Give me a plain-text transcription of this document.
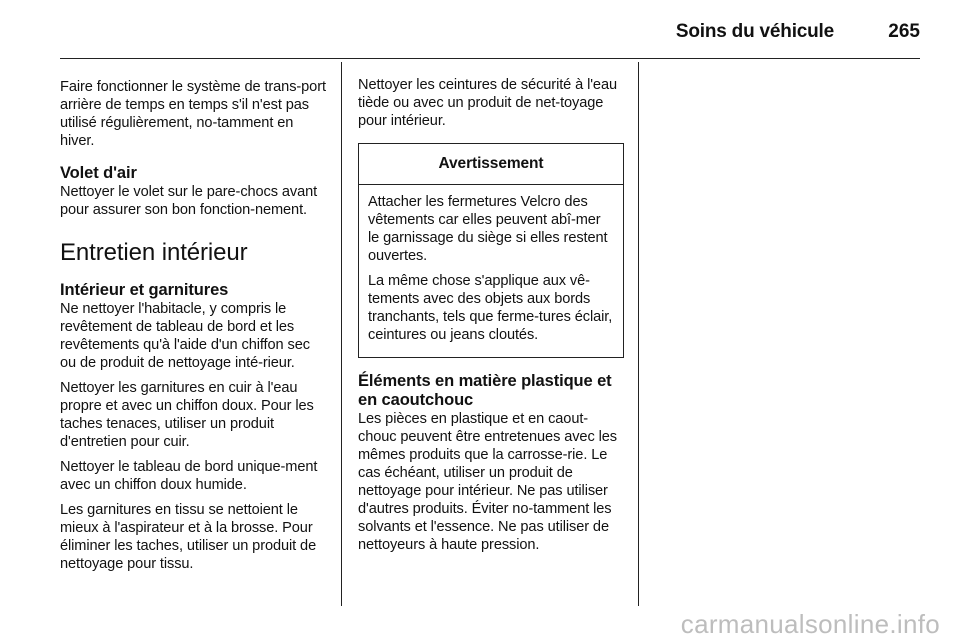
Soins du véhicule	265

Faire fonctionner le système de trans-port arrière de temps en temps s'il n'est pas utilisé régulièrement, no-tamment en hiver.

Volet d'air

Nettoyer le volet sur le pare-chocs avant pour assurer son bon fonction-nement.

Entretien intérieur
Intérieur et garnitures

Ne nettoyer l'habitacle, y compris le revêtement de tableau de bord et les revêtements qu'à l'aide d'un chiffon sec ou de produit de nettoyage inté-rieur.

Nettoyer les garnitures en cuir à l'eau propre et avec un chiffon doux. Pour les taches tenaces, utiliser un produit d'entretien pour cuir.

Nettoyer le tableau de bord unique-ment avec un chiffon doux humide.

Les garnitures en tissu se nettoient le mieux à l'aspirateur et à la brosse. Pour éliminer les taches, utiliser un produit de nettoyage pour tissu.

Nettoyer les ceintures de sécurité à l'eau tiède ou avec un produit de net-toyage pour intérieur.

Avertissement

Attacher les fermetures Velcro des vêtements car elles peuvent abî-mer le garnissage du siège si elles restent ouvertes.

La même chose s'applique aux vê-tements avec des objets aux bords tranchants, tels que ferme-tures éclair, ceintures ou jeans cloutés.

Éléments en matière plastique et en caoutchouc

Les pièces en plastique et en caout-chouc peuvent être entretenues avec les mêmes produits que la carrosse-rie. Le cas échéant, utiliser un produit de nettoyage pour intérieur. Ne pas utiliser d'autres produits. Éviter no-tamment les solvants et l'essence. Ne pas utiliser de nettoyeurs à haute pression.

carmanualsonline.info
